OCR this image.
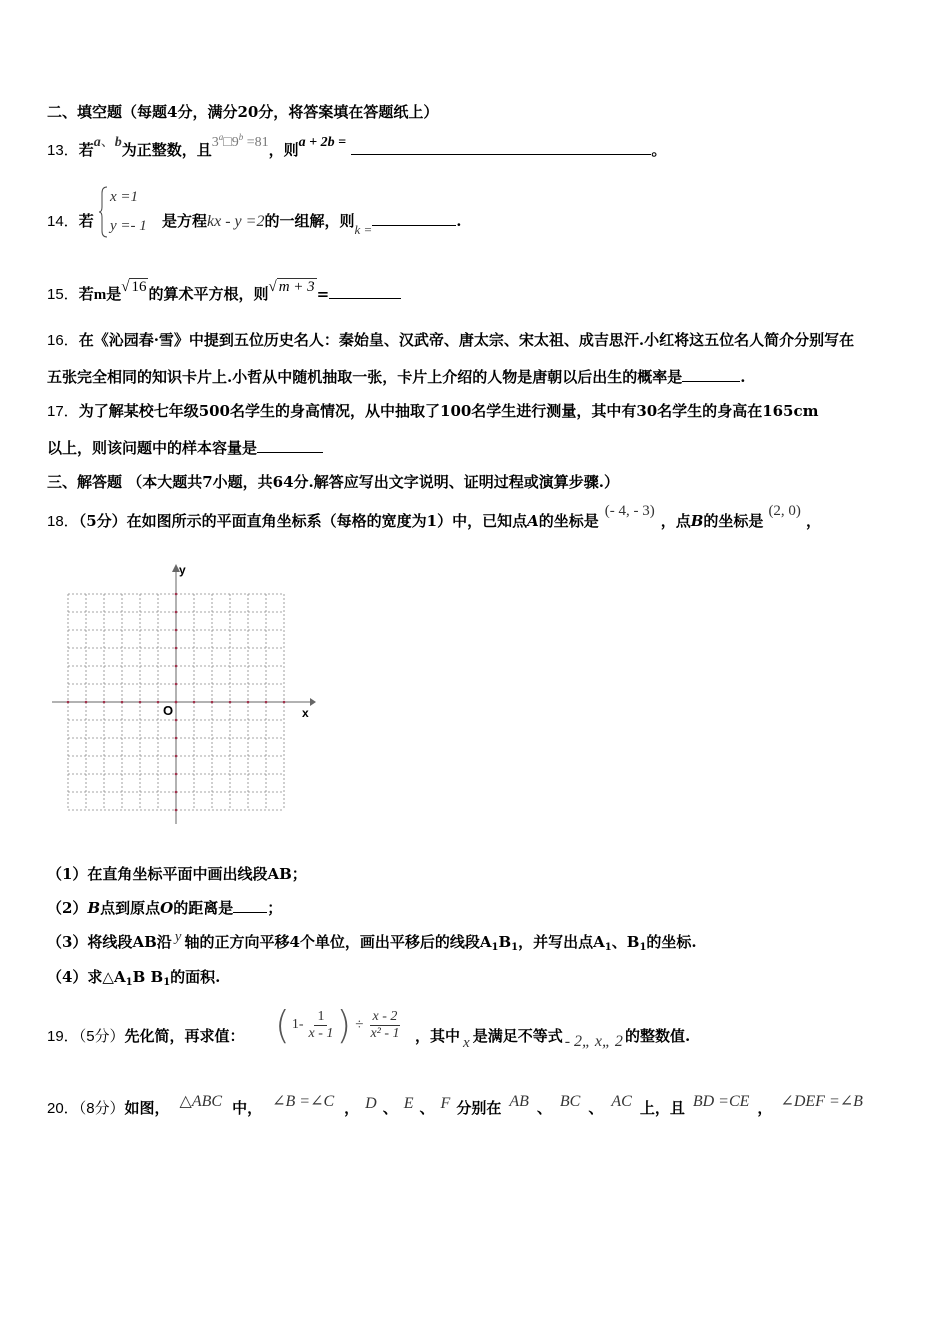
二、填空题（每题4分，满分20分，将答案填在答题纸上）
13．若a、b为正整数，且$3^a□9^b =81$，则a + 2b =	。
14．若
x =1
y =- 1 是方程kx - y =2的一组解，则k =	.
15．若m是√ 16 的算术平方根，则√ m + 3 =
16．在《沁园春·雪》中提到五位历史名人：秦始皇、汉武帝、唐太宗、宋太祖、成吉思汗.小红将这五位名人简介分别写在
五张完全相同的知识卡片上.小哲从中随机抽取一张，卡片上介绍的人物是唐朝以后出生的概率是	.
17．为了解某校七年级500名学生的身高情况，从中抽取了100名学生进行测量，其中有30名学生的身高在165cm
以上，则该问题中的样本容量是
三、解答题 （本大题共7小题，共64分.解答应写出文字说明、证明过程或演算步骤.）
18．（5分）在如图所示的平面直角坐标系（每格的宽度为1）中，已知点A的坐标是(- 4, - 3)，点B的坐标是(2, 0)，
y
x
O
（1）在直角坐标平面中画出线段AB；
（2）B点到原点O的距离是 ；
（3）将线段AB沿 y 轴的正方向平移4个单位，画出平移后的线段$A_1B_1$，并写出点$A_1$、$B_1$的坐标.
（4）求$\triangle A_1B$ $B_1$的面积.
19．（5分）先化简，再求值： ( $1- \frac{1}{x - 1}$ ) ÷ $\frac{x - 2}{\text{x² - 1}}$ ，其中 x 是满足不等式 - 2„ x„ 2 的整数值.
20．（8分）如图， △ABC 中， ∠B =∠C ， D 、 E 、 F 分别在 AB 、 BC 、 AC 上，且 BD =CE ， ∠DEF =∠B
